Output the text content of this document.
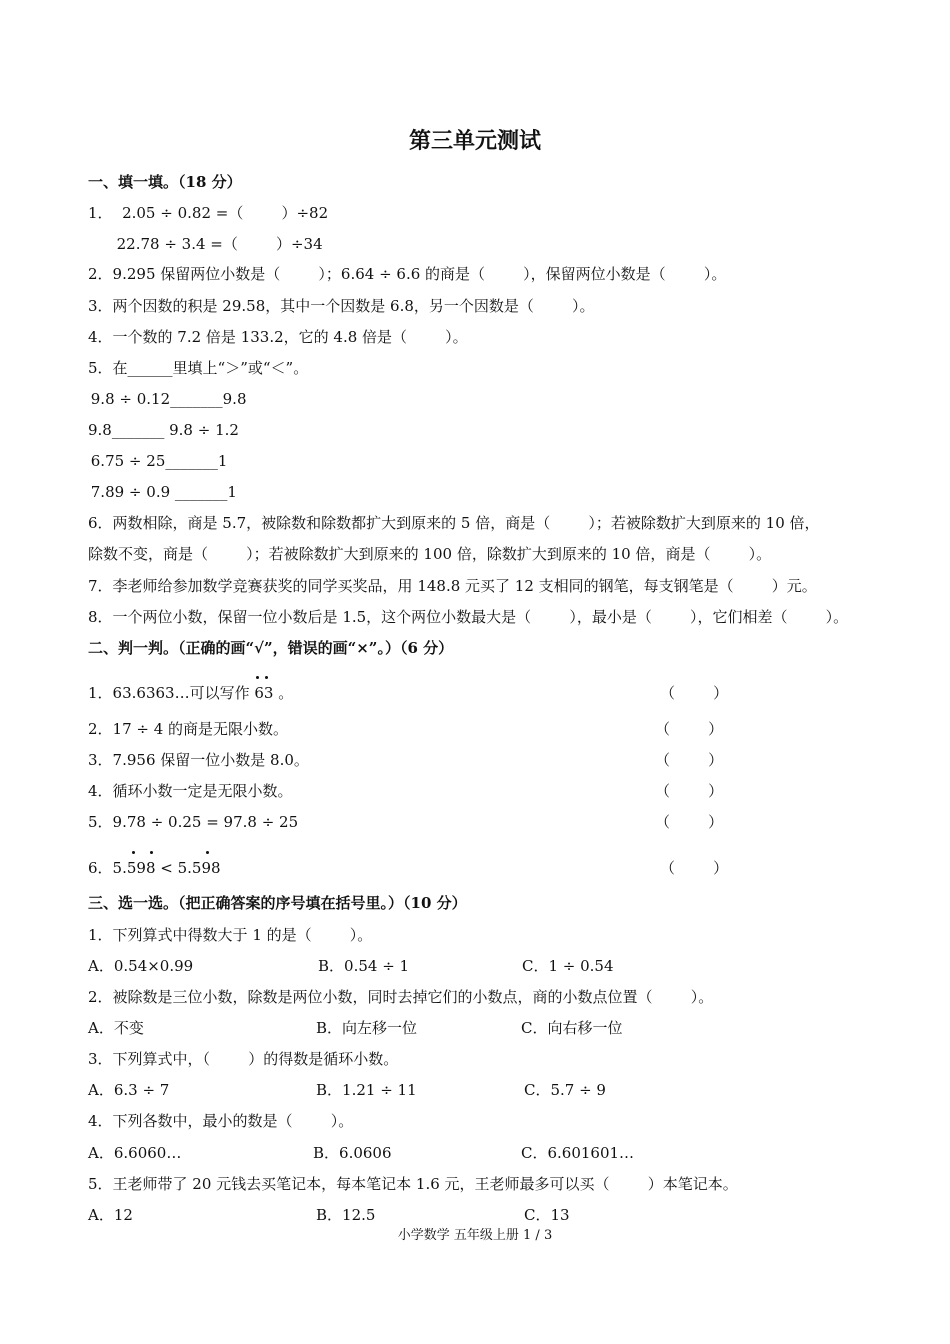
第三单元测试
一、填一填。（18 分）
1．  2.05 ÷ 0.82 =（        ）÷82
22.78 ÷ 3.4 =（        ）÷34
2．9.295 保留两位小数是（        ）；6.64 ÷ 6.6 的商是（        ），保留两位小数是（        ）。
3．两个因数的积是 29.58，其中一个因数是 6.8，另一个因数是（        ）。
4．一个数的 7.2 倍是 133.2，它的 4.8 倍是（        ）。
5．在______里填上“＞”或“＜”。
9.8 ÷ 0.12_______9.8
9.8_______ 9.8 ÷ 1.2
6.75 ÷ 25_______1
7.89 ÷ 0.9 _______1
6．两数相除，商是 5.7，被除数和除数都扩大到原来的 5 倍，商是（        ）；若被除数扩大到原来的 10 倍，
除数不变，商是（        ）；若被除数扩大到原来的 100 倍，除数扩大到原来的 10 倍，商是（        ）。
7．李老师给参加数学竞赛获奖的同学买奖品，用 148.8 元买了 12 支相同的钢笔，每支钢笔是（        ）元。
8．一个两位小数，保留一位小数后是 1.5，这个两位小数最大是（        ），最小是（        ），它们相差（        ）。
二、判一判。（正确的画“√”，错误的画“×”。）（6 分）
1．63.6363…可以写作 63 。	（        ）
2．17 ÷ 4 的商是无限小数。	（        ）
3．7.956 保留一位小数是 8.0。	（        ）
4．循环小数一定是无限小数。	（        ）
5．9.78 ÷ 0.25 = 97.8 ÷ 25	（        ）
6．5.598 < 5.598	（        ）
三、选一选。（把正确答案的序号填在括号里。）（10 分）
1．下列算式中得数大于 1 的是（        ）。
A．0.54×0.99	B．0.54 ÷ 1	C．1 ÷ 0.54
2．被除数是三位小数，除数是两位小数，同时去掉它们的小数点，商的小数点位置（        ）。
A．不变	B．向左移一位	C．向右移一位
3．下列算式中，（        ）的得数是循环小数。
A．6.3 ÷ 7	B．1.21 ÷ 11	C．5.7 ÷ 9
4．下列各数中，最小的数是（        ）。
A．6.6060…	B．6.0606	C．6.601601…
5．王老师带了 20 元钱去买笔记本，每本笔记本 1.6 元，王老师最多可以买（        ）本笔记本。
A．12	B．12.5	C．13
小学数学 五年级上册 1 / 3
